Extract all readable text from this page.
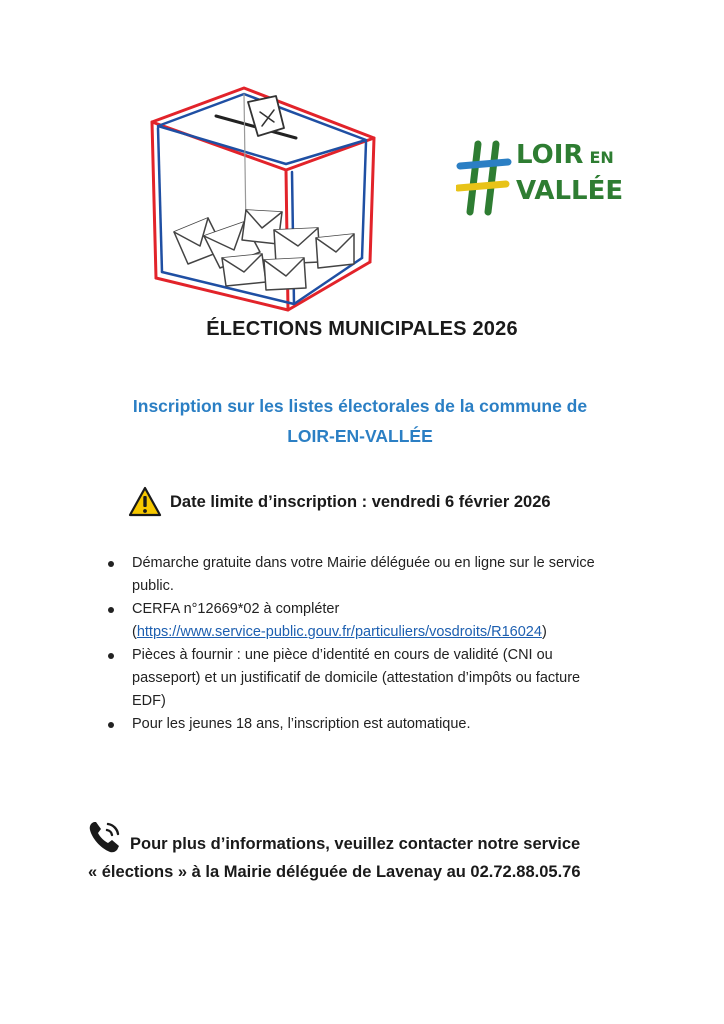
LOIR EN
VALLÉE
ÉLECTIONS MUNICIPALES 2026
Inscription sur les listes électorales de la commune de
LOIR-EN-VALLÉE
Date limite d’inscription : vendredi 6 février 2026
Démarche gratuite dans votre Mairie déléguée ou en ligne sur le service
public.
CERFA n°12669*02 à compléter
(https://www.service-public.gouv.fr/particuliers/vosdroits/R16024)
Pièces à fournir : une pièce d’identité en cours de validité (CNI ou
passeport) et un justificatif de domicile (attestation d’impôts ou facture
EDF)
Pour les jeunes 18 ans, l’inscription est automatique.
Pour plus d’informations, veuillez contacter notre service
« élections » à la Mairie déléguée de Lavenay au 02.72.88.05.76
